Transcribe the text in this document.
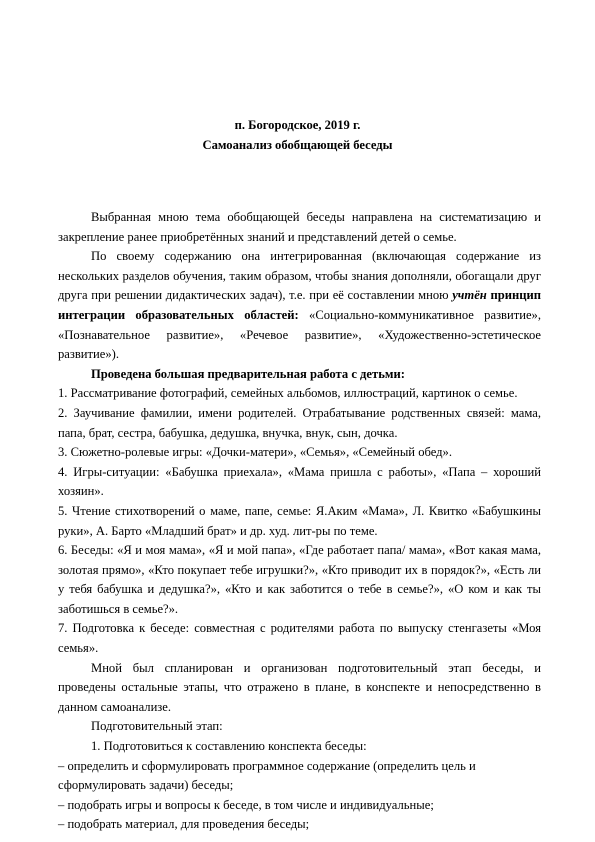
п. Богородское, 2019 г.
Самоанализ обобщающей беседы

Выбранная мною тема обобщающей беседы направлена на систематизацию и закрепление ранее приобретённых знаний и представлений детей о семье.

По своему содержанию она интегрированная (включающая содержание из нескольких разделов обучения, таким образом, чтобы знания дополняли, обогащали друг друга при решении дидактических задач), т.е. при её составлении мною учтён принцип интеграции образовательных областей: «Социально-коммуникативное развитие», «Познавательное развитие», «Речевое развитие», «Художественно-эстетическое развитие»).

Проведена большая предварительная работа с детьми:

1. Рассматривание фотографий, семейных альбомов, иллюстраций, картинок о семье.

2. Заучивание фамилии, имени родителей. Отрабатывание родственных связей: мама, папа, брат, сестра, бабушка, дедушка, внучка, внук, сын, дочка.

3. Сюжетно-ролевые игры: «Дочки-матери», «Семья», «Семейный обед».

4. Игры-ситуации: «Бабушка приехала», «Мама пришла с работы», «Папа – хороший хозяин».

5. Чтение стихотворений о маме, папе, семье: Я.Аким «Мама», Л. Квитко «Бабушкины руки», А. Барто «Младший брат» и др. худ. лит-ры по теме.

6. Беседы: «Я и моя мама», «Я и мой папа», «Где работает папа/ мама», «Вот какая мама, золотая прямо», «Кто покупает тебе игрушки?», «Кто приводит их в порядок?», «Есть ли у тебя бабушка и дедушка?», «Кто и как заботится о тебе в семье?», «О ком и как ты заботишься в семье?».

7. Подготовка к беседе: совместная с родителями работа по выпуску стенгазеты «Моя семья».

Мной был спланирован и организован подготовительный этап беседы, и проведены остальные этапы, что отражено в плане, в конспекте и непосредственно в данном самоанализе.

Подготовительный этап:

1. Подготовиться к составлению конспекта беседы:

– определить и сформулировать программное содержание (определить цель и сформулировать задачи) беседы;

– подобрать игры и вопросы к беседе, в том числе и индивидуальные;

– подобрать материал, для проведения беседы;
